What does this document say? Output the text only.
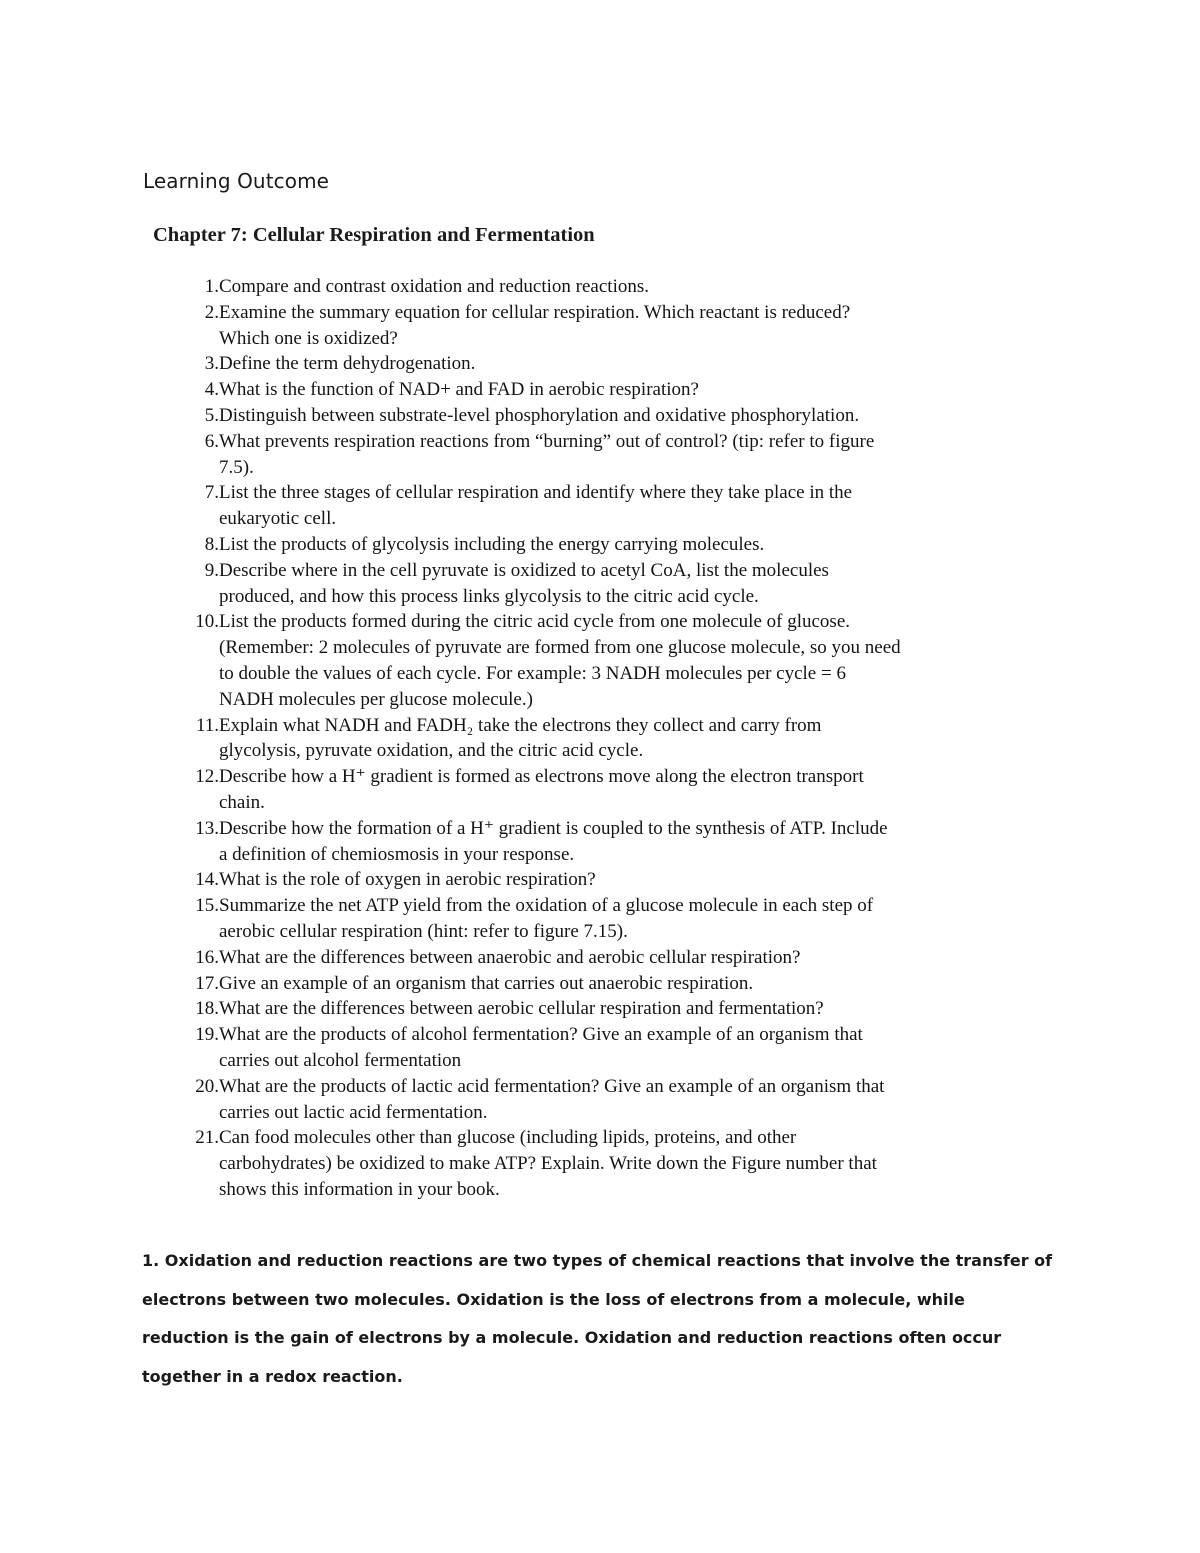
Learning Outcome
Chapter 7: Cellular Respiration and Fermentation
1. Compare and contrast oxidation and reduction reactions.
2. Examine the summary equation for cellular respiration. Which reactant is reduced?
Which one is oxidized?
3. Define the term dehydrogenation.
4. What is the function of NAD+ and FAD in aerobic respiration?
5. Distinguish between substrate-level phosphorylation and oxidative phosphorylation.
6. What prevents respiration reactions from “burning” out of control? (tip: refer to figure
7.5).
7. List the three stages of cellular respiration and identify where they take place in the
eukaryotic cell.
8. List the products of glycolysis including the energy carrying molecules.
9. Describe where in the cell pyruvate is oxidized to acetyl CoA, list the molecules
produced, and how this process links glycolysis to the citric acid cycle.
10. List the products formed during the citric acid cycle from one molecule of glucose.
(Remember: 2 molecules of pyruvate are formed from one glucose molecule, so you need
to double the values of each cycle. For example: 3 NADH molecules per cycle = 6
NADH molecules per glucose molecule.)
11. Explain what NADH and FADH₂ take the electrons they collect and carry from
glycolysis, pyruvate oxidation, and the citric acid cycle.
12. Describe how a H⁺ gradient is formed as electrons move along the electron transport
chain.
13. Describe how the formation of a H⁺ gradient is coupled to the synthesis of ATP. Include
a definition of chemiosmosis in your response.
14. What is the role of oxygen in aerobic respiration?
15. Summarize the net ATP yield from the oxidation of a glucose molecule in each step of
aerobic cellular respiration (hint: refer to figure 7.15).
16. What are the differences between anaerobic and aerobic cellular respiration?
17. Give an example of an organism that carries out anaerobic respiration.
18. What are the differences between aerobic cellular respiration and fermentation?
19. What are the products of alcohol fermentation? Give an example of an organism that
carries out alcohol fermentation
20. What are the products of lactic acid fermentation? Give an example of an organism that
carries out lactic acid fermentation.
21. Can food molecules other than glucose (including lipids, proteins, and other
carbohydrates) be oxidized to make ATP? Explain. Write down the Figure number that
shows this information in your book.
1. Oxidation and reduction reactions are two types of chemical reactions that involve the transfer of
electrons between two molecules. Oxidation is the loss of electrons from a molecule, while
reduction is the gain of electrons by a molecule. Oxidation and reduction reactions often occur
together in a redox reaction.
